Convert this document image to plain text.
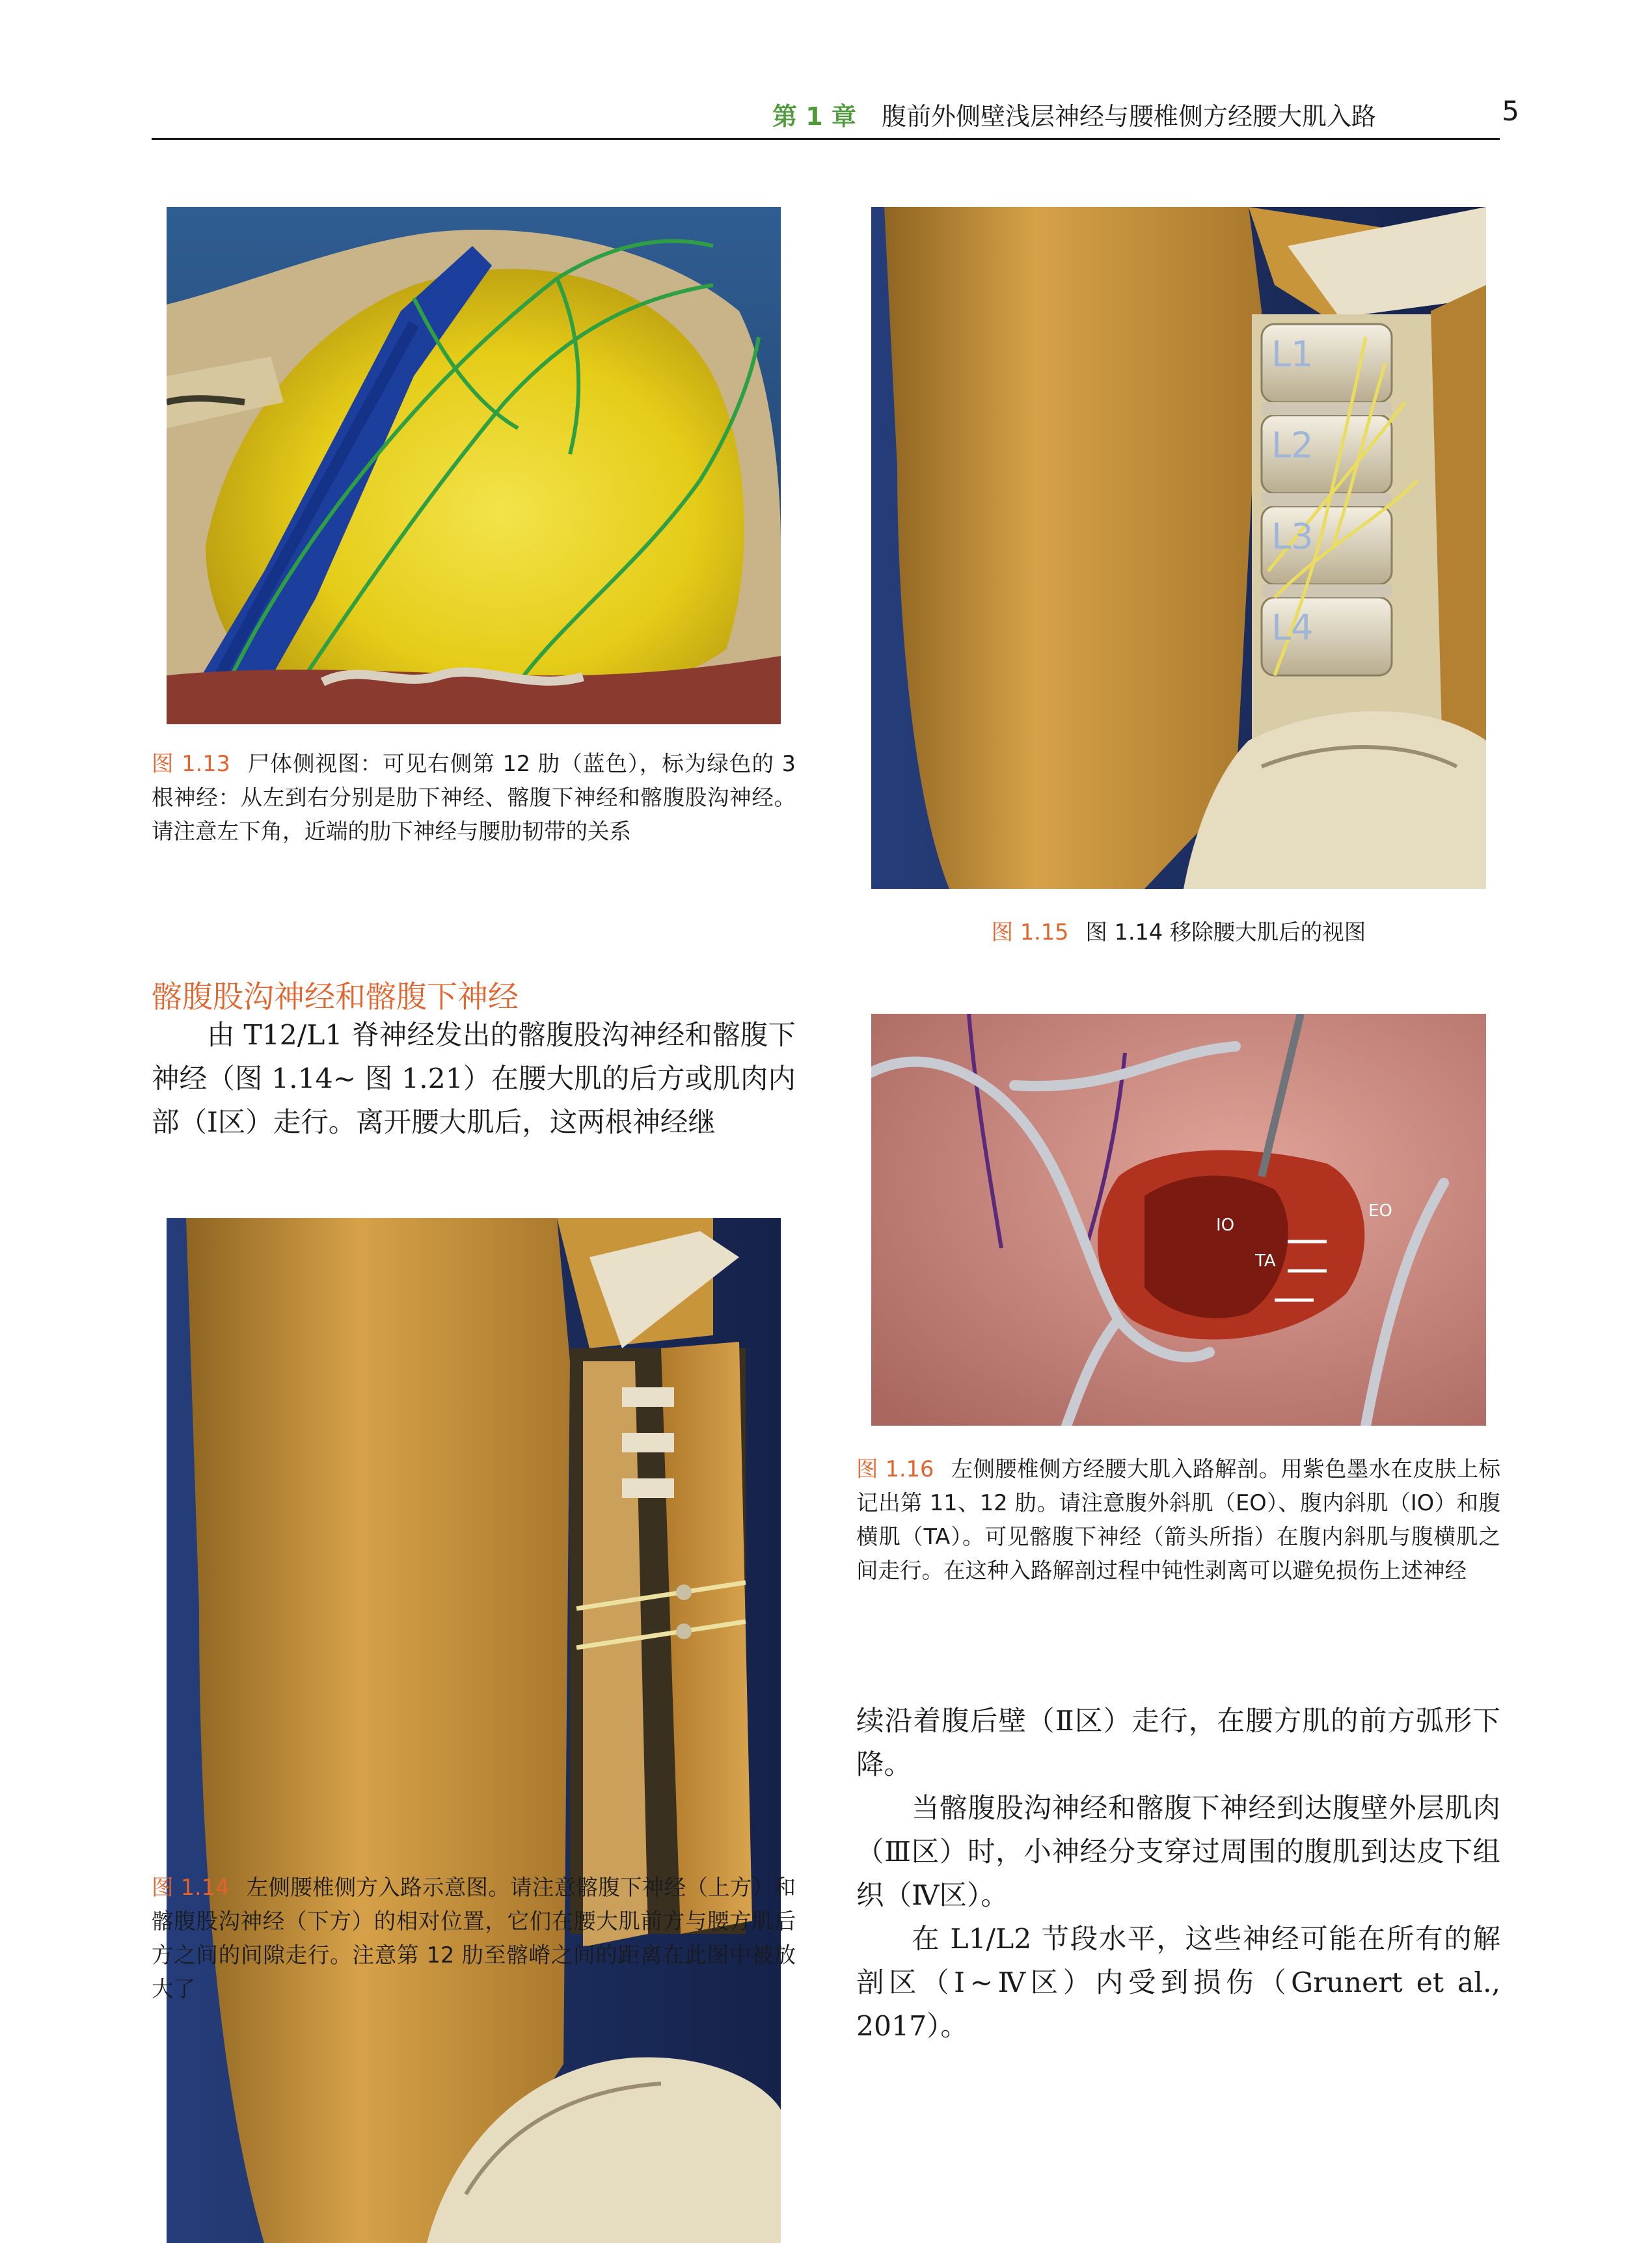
第 1 章 腹前外侧壁浅层神经与腰椎侧方经腰大肌入路	5
图 1.13 尸体侧视图：可见右侧第 12 肋（蓝色），标为绿色的 3 根神经：从左到右分别是肋下神经、髂腹下神经和髂腹股沟神经。请注意左下角，近端的肋下神经与腰肋韧带的关系
L1
L2
L3
L4
图 1.15 图 1.14 移除腰大肌后的视图
髂腹股沟神经和髂腹下神经
由 T12/L1 脊神经发出的髂腹股沟神经和髂腹下神经（图 1.14~ 图 1.21）在腰大肌的后方或肌肉内部（Ⅰ区）走行。离开腰大肌后，这两根神经继
EO
IO
TA
图 1.16 左侧腰椎侧方经腰大肌入路解剖。用紫色墨水在皮肤上标记出第 11、12 肋。请注意腹外斜肌（EO）、腹内斜肌（IO）和腹横肌（TA）。可见髂腹下神经（箭头所指）在腹内斜肌与腹横肌之间走行。在这种入路解剖过程中钝性剥离可以避免损伤上述神经
图 1.14 左侧腰椎侧方入路示意图。请注意髂腹下神经（上方）和髂腹股沟神经（下方）的相对位置，它们在腰大肌前方与腰方肌后方之间的间隙走行。注意第 12 肋至髂嵴之间的距离在此图中被放大了
续沿着腹后壁（Ⅱ区）走行，在腰方肌的前方弧形下降。
当髂腹股沟神经和髂腹下神经到达腹壁外层肌肉（Ⅲ区）时，小神经分支穿过周围的腹肌到达皮下组织（Ⅳ区）。
在 L1/L2 节段水平，这些神经可能在所有的解剖区（Ⅰ~Ⅳ区）内受到损伤（Grunert et al., 2017）。
